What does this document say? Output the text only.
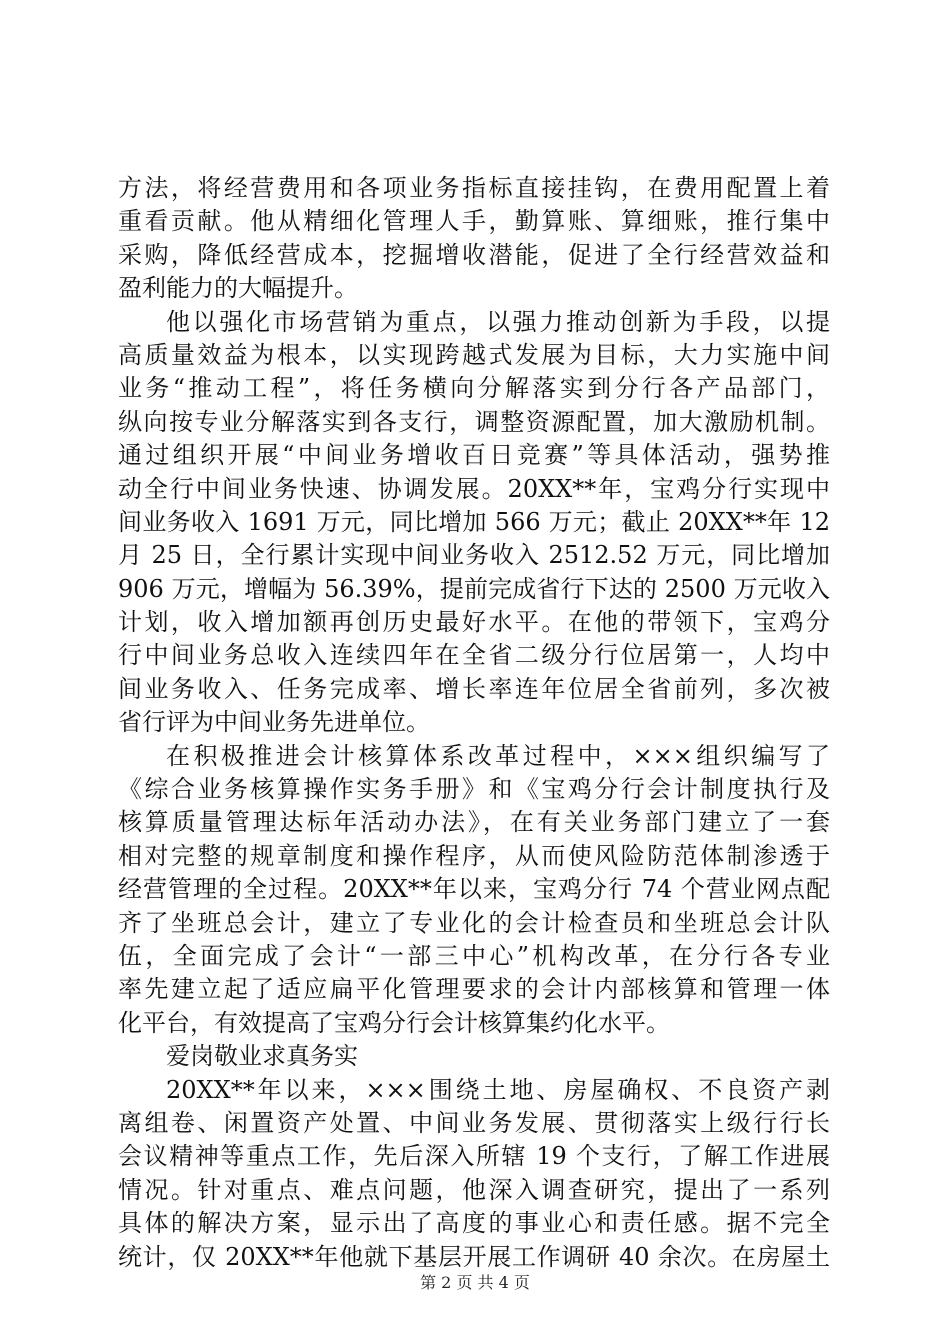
方法，将经营费用和各项业务指标直接挂钩，在费用配置上着
重看贡献。他从精细化管理人手，勤算账、算细账，推行集中
采购，降低经营成本，挖掘增收潜能，促进了全行经营效益和
盈利能力的大幅提升。
他以强化市场营销为重点，以强力推动创新为手段，以提
高质量效益为根本，以实现跨越式发展为目标，大力实施中间
业务“推动工程”，将任务横向分解落实到分行各产品部门，
纵向按专业分解落实到各支行，调整资源配置，加大激励机制。
通过组织开展“中间业务增收百日竞赛”等具体活动，强势推
动全行中间业务快速、协调发展。20XX**年，宝鸡分行实现中
间业务收入 1691 万元，同比增加 566 万元；截止 20XX**年 12
月 25 日，全行累计实现中间业务收入 2512.52 万元，同比增加
906 万元，增幅为 56.39%，提前完成省行下达的 2500 万元收入
计划，收入增加额再创历史最好水平。在他的带领下，宝鸡分
行中间业务总收入连续四年在全省二级分行位居第一，人均中
间业务收入、任务完成率、增长率连年位居全省前列，多次被
省行评为中间业务先进单位。
在积极推进会计核算体系改革过程中，×××组织编写了
《综合业务核算操作实务手册》和《宝鸡分行会计制度执行及
核算质量管理达标年活动办法》，在有关业务部门建立了一套
相对完整的规章制度和操作程序，从而使风险防范体制渗透于
经营管理的全过程。20XX**年以来，宝鸡分行 74 个营业网点配
齐了坐班总会计，建立了专业化的会计检查员和坐班总会计队
伍，全面完成了会计“一部三中心”机构改革，在分行各专业
率先建立起了适应扁平化管理要求的会计内部核算和管理一体
化平台，有效提高了宝鸡分行会计核算集约化水平。
爱岗敬业求真务实
20XX**年以来，×××围绕土地、房屋确权、不良资产剥
离组卷、闲置资产处置、中间业务发展、贯彻落实上级行行长
会议精神等重点工作，先后深入所辖 19 个支行，了解工作进展
情况。针对重点、难点问题，他深入调查研究，提出了一系列
具体的解决方案，显示出了高度的事业心和责任感。据不完全
统计，仅 20XX**年他就下基层开展工作调研 40 余次。在房屋土
第 2 页 共 4 页
